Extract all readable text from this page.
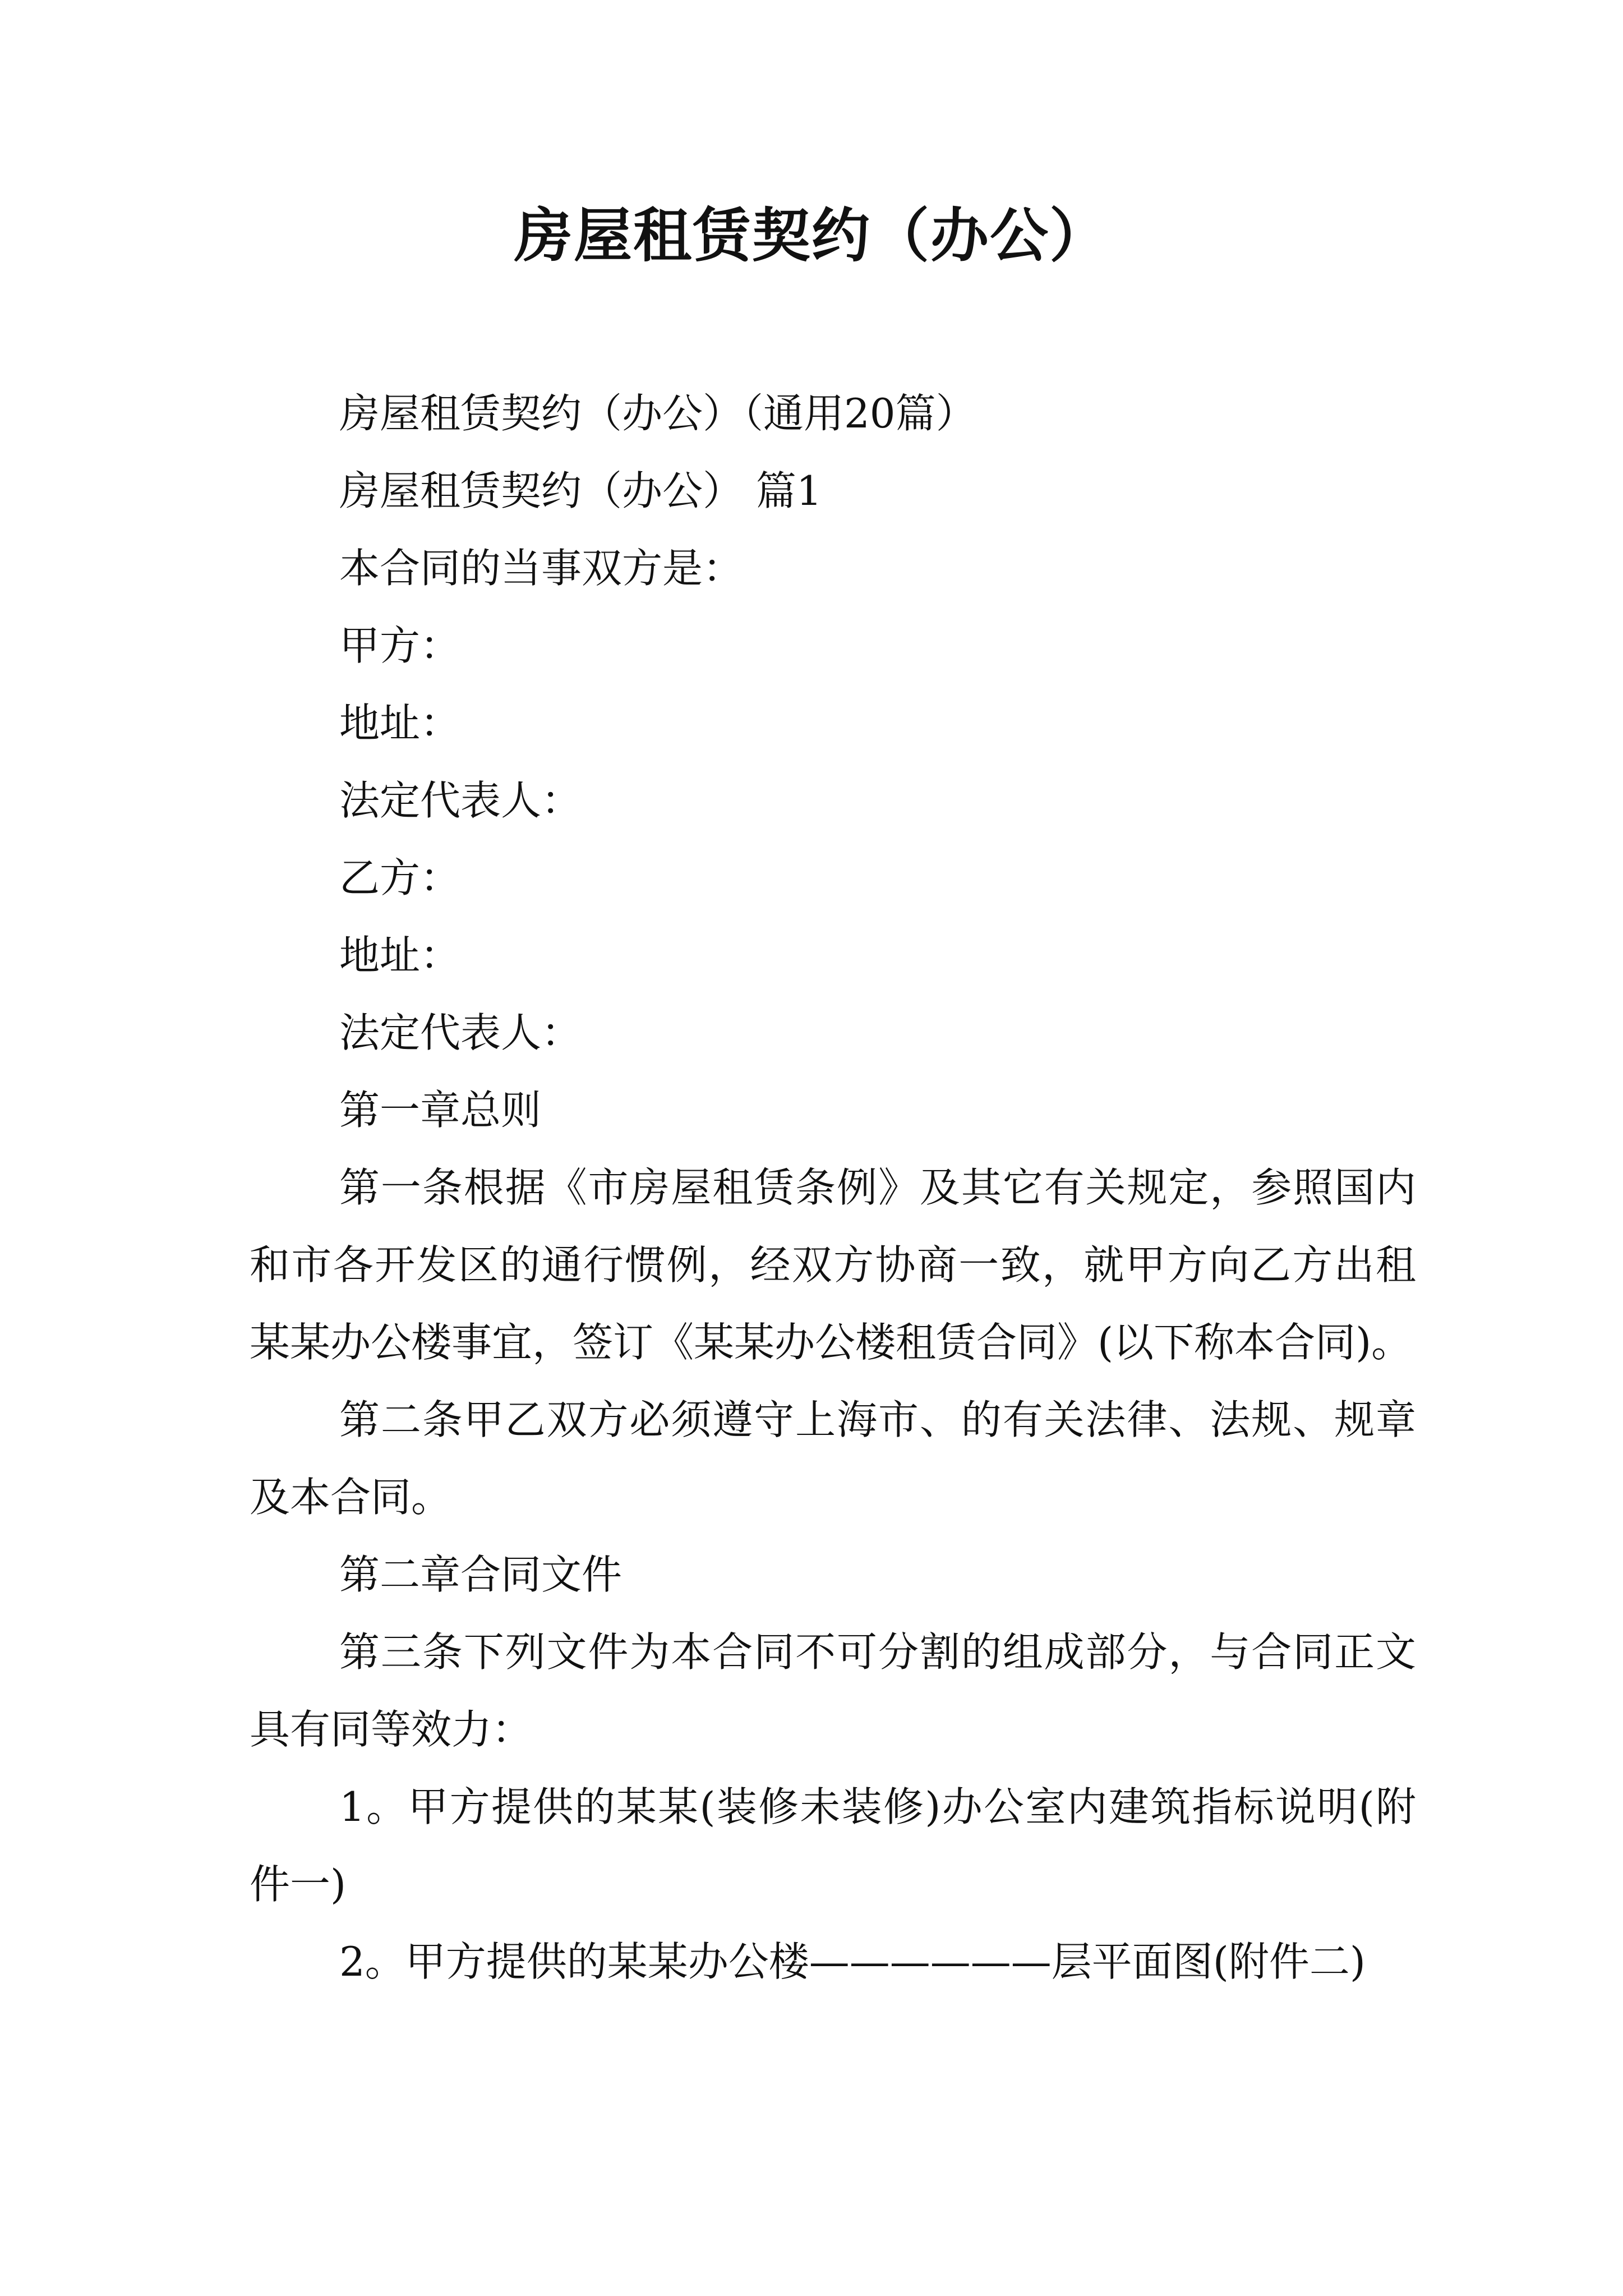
房屋租赁契约（办公）

房屋租赁契约（办公）（通用20篇）

房屋租赁契约（办公） 篇1

本合同的当事双方是：

甲方：

地址：

法定代表人：

乙方：

地址：

法定代表人：

第一章总则

第一条根据《市房屋租赁条例》及其它有关规定，参照国内和市各开发区的通行惯例，经双方协商一致，就甲方向乙方出租某某办公楼事宜，签订《某某办公楼租赁合同》(以下称本合同)。

第二条甲乙双方必须遵守上海市、的有关法律、法规、规章及本合同。

第二章合同文件

第三条下列文件为本合同不可分割的组成部分，与合同正文具有同等效力：

1。甲方提供的某某(装修未装修)办公室内建筑指标说明(附件一)

2。甲方提供的某某办公楼——————层平面图(附件二)
